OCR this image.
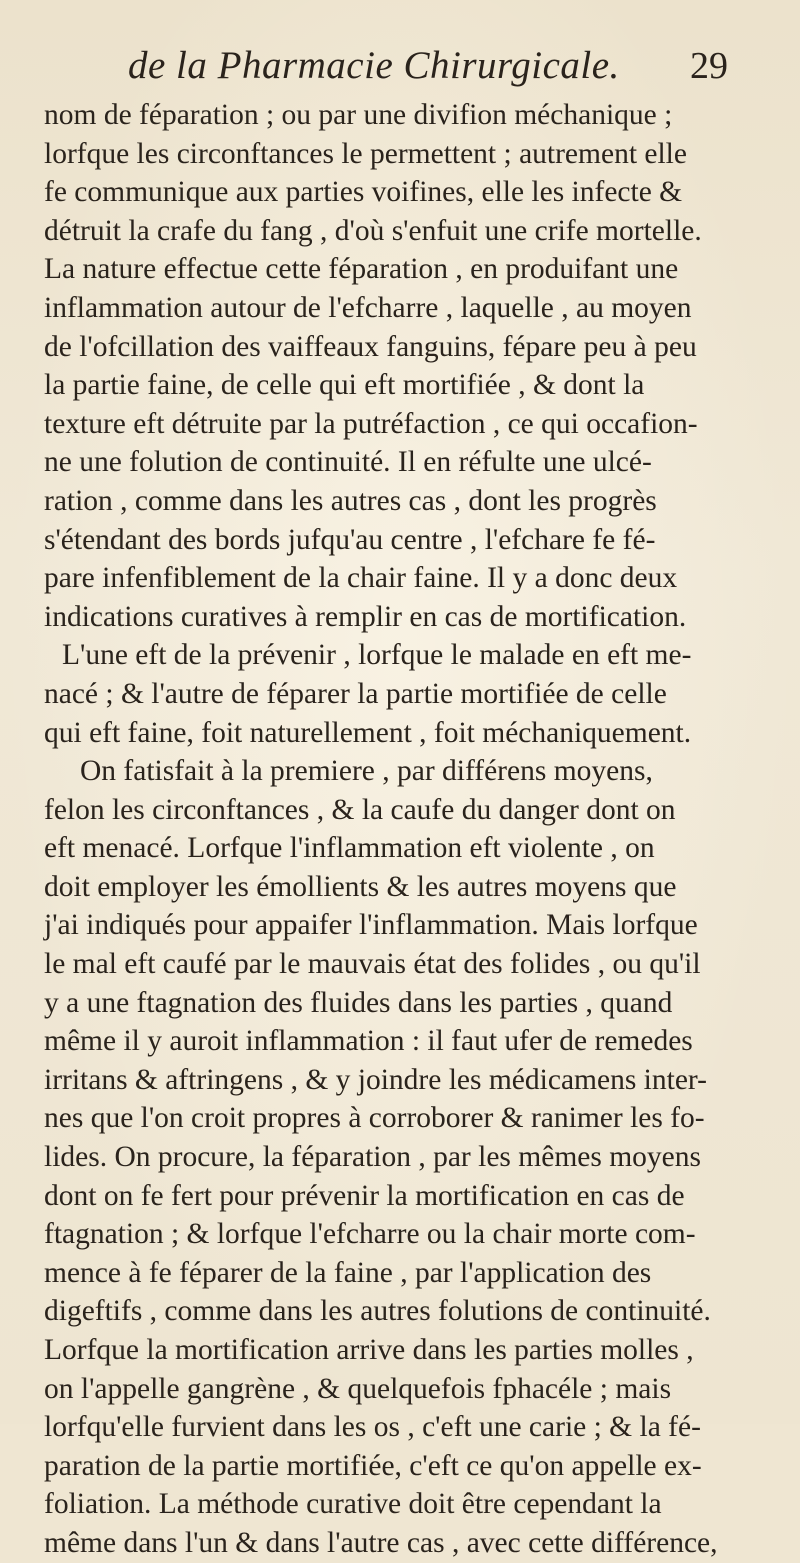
de la Pharmacie Chirurgicale. 29
nom de féparation ; ou par une divifion méchanique ;
lorfque les circonftances le permettent ; autrement elle
fe communique aux parties voifines, elle les infecte &
détruit la crafe du fang , d'où s'enfuit une crife mortelle.
La nature effectue cette féparation , en produifant une
inflammation autour de l'efcharre , laquelle , au moyen
de l'ofcillation des vaiffeaux fanguins, fépare peu à peu
la partie faine, de celle qui eft mortifiée , & dont la
texture eft détruite par la putréfaction , ce qui occafion-
ne une folution de continuité. Il en réfulte une ulcé-
ration , comme dans les autres cas , dont les progrès
s'étendant des bords jufqu'au centre , l'efchare fe fé-
pare infenfiblement de la chair faine. Il y a donc deux
indications curatives à remplir en cas de mortification.
L'une eft de la prévenir , lorfque le malade en eft me-
nacé ; & l'autre de féparer la partie mortifiée de celle
qui eft faine, foit naturellement , foit méchaniquement.
On fatisfait à la premiere , par différens moyens,
felon les circonftances , & la caufe du danger dont on
eft menacé. Lorfque l'inflammation eft violente , on
doit employer les émollients & les autres moyens que
j'ai indiqués pour appaifer l'inflammation. Mais lorfque
le mal eft caufé par le mauvais état des folides , ou qu'il
y a une ftagnation des fluides dans les parties , quand
même il y auroit inflammation : il faut ufer de remedes
irritans & aftringens , & y joindre les médicamens inter-
nes que l'on croit propres à corroborer & ranimer les fo-
lides. On procure, la féparation , par les mêmes moyens
dont on fe fert pour prévenir la mortification en cas de
ftagnation ; & lorfque l'efcharre ou la chair morte com-
mence à fe féparer de la faine , par l'application des
digeftifs , comme dans les autres folutions de continuité.
Lorfque la mortification arrive dans les parties molles ,
on l'appelle gangrène , & quelquefois fphacéle ; mais
lorfqu'elle furvient dans les os , c'eft une carie ; & la fé-
paration de la partie mortifiée, c'eft ce qu'on appelle ex-
foliation. La méthode curative doit être cependant la
même dans l'un & dans l'autre cas , avec cette différence,
